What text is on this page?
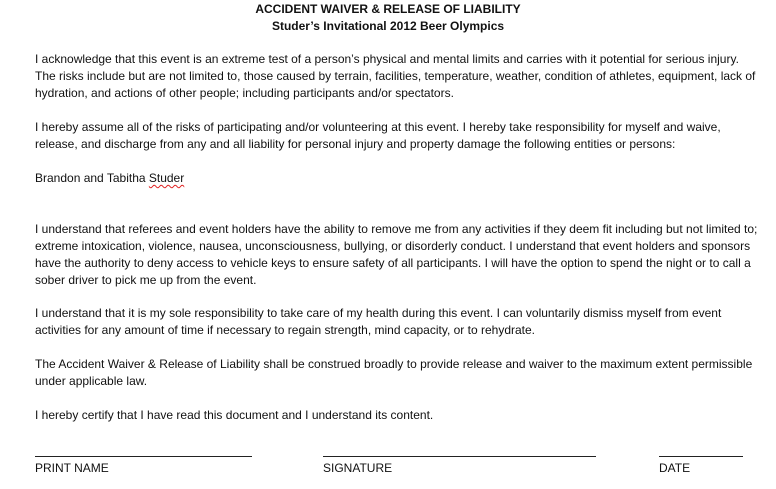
ACCIDENT WAIVER & RELEASE OF LIABILITY
Studer’s Invitational 2012 Beer Olympics

I acknowledge that this event is an extreme test of a person’s physical and mental limits and carries with it potential for serious injury. The risks include but are not limited to, those caused by terrain, facilities, temperature, weather, condition of athletes, equipment, lack of hydration, and actions of other people; including participants and/or spectators.

I hereby assume all of the risks of participating and/or volunteering at this event. I hereby take responsibility for myself and waive, release, and discharge from any and all liability for personal injury and property damage the following entities or persons:

Brandon and Tabitha Studer

I understand that referees and event holders have the ability to remove me from any activities if they deem fit including but not limited to; extreme intoxication, violence, nausea, unconsciousness, bullying, or disorderly conduct. I understand that event holders and sponsors have the authority to deny access to vehicle keys to ensure safety of all participants. I will have the option to spend the night or to call a sober driver to pick me up from the event.

I understand that it is my sole responsibility to take care of my health during this event. I can voluntarily dismiss myself from event activities for any amount of time if necessary to regain strength, mind capacity, or to rehydrate.

The Accident Waiver & Release of Liability shall be construed broadly to provide release and waiver to the maximum extent permissible under applicable law.

I hereby certify that I have read this document and I understand its content.

PRINT NAME	SIGNATURE	DATE
